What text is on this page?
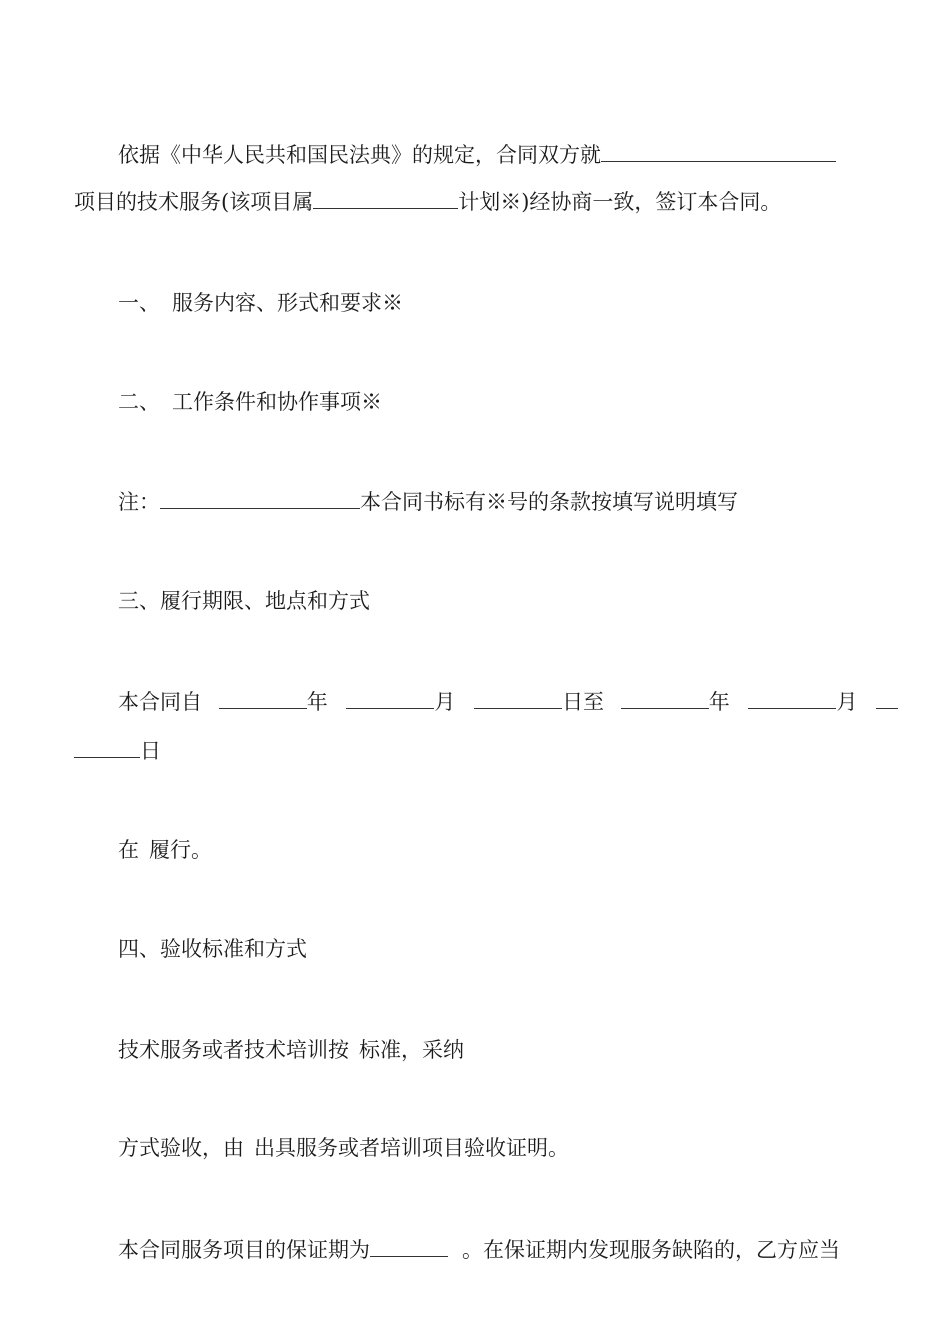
依据《中华人民共和国民法典》的规定，合同双方就
项目的技术服务(该项目属	计划※)经协商一致，签订本合同。
一、 服务内容、形式和要求※
二、 工作条件和协作事项※
注：	本合同书标有※号的条款按填写说明填写
三、履行期限、地点和方式
本合同自	年	月	日至	年	月
日
在 履行。
四、验收标准和方式
技术服务或者技术培训按 标准，采纳
方式验收，由 出具服务或者培训项目验收证明。
本合同服务项目的保证期为	。在保证期内发现服务缺陷的，乙方应当
